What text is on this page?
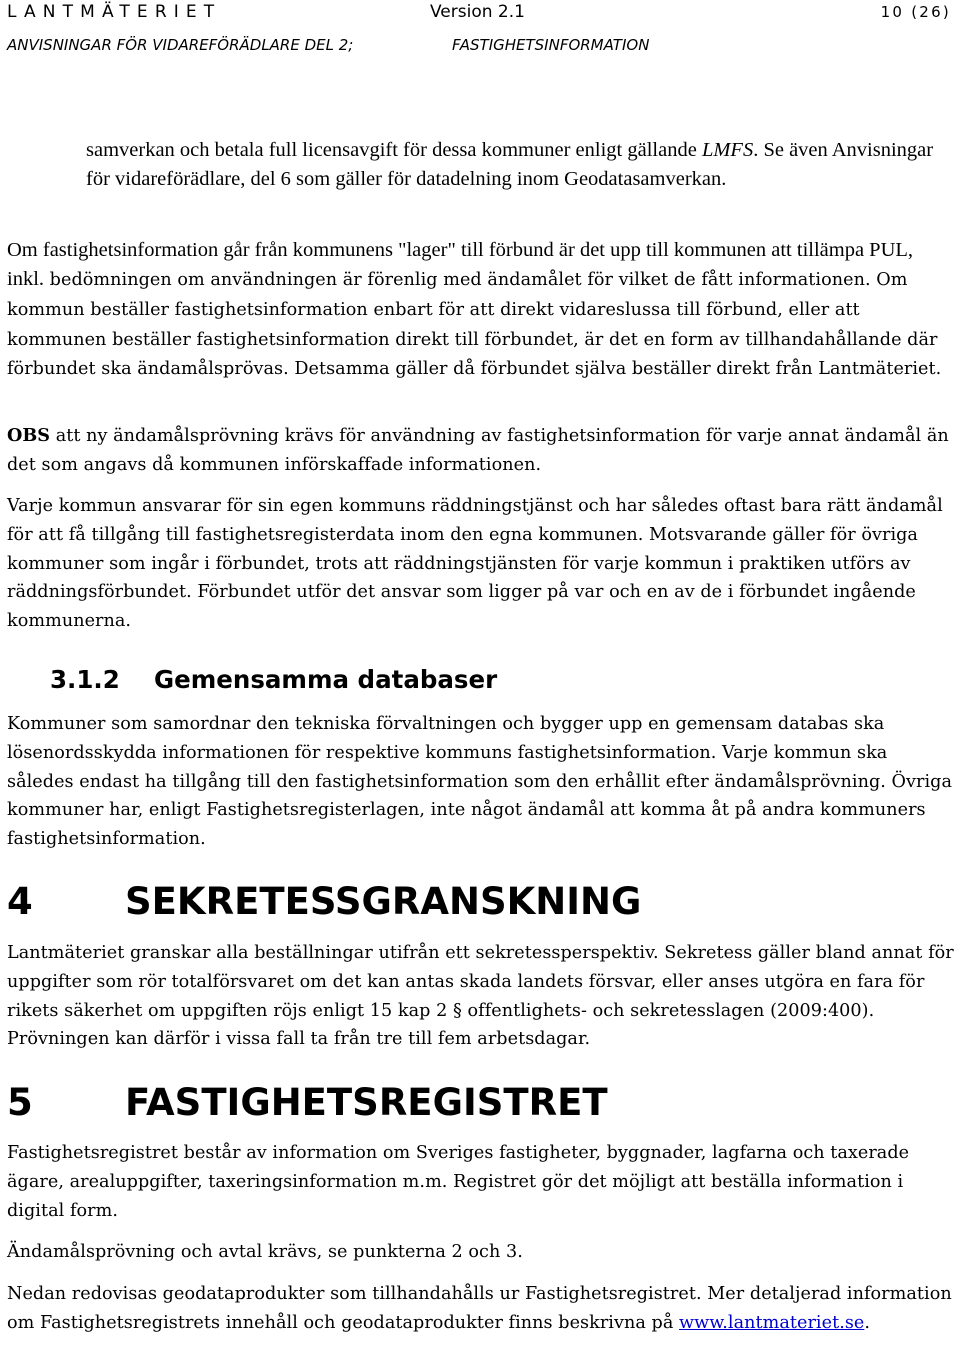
LANTMÄTERIET	Version 2.1	10 (26)
ANVISNINGAR FÖR VIDAREFÖRÄDLARE DEL 2;	FASTIGHETSINFORMATION

samverkan och betala full licensavgift för dessa kommuner enligt gällande LMFS. Se även Anvisningar för vidareförädlare, del 6 som gäller för datadelning inom Geodatasamverkan.

Om fastighetsinformation går från kommunens "lager" till förbund är det upp till kommunen att tillämpa PUL, inkl. bedömningen om användningen är förenlig med ändamålet för vilket de fått informationen. Om kommun beställer fastighetsinformation enbart för att direkt vidareslussa till förbund, eller att kommunen beställer fastighetsinformation direkt till förbundet, är det en form av tillhandahållande där förbundet ska ändamålsprövas. Detsamma gäller då förbundet själva beställer direkt från Lantmäteriet.

OBS att ny ändamålsprövning krävs för användning av fastighetsinformation för varje annat ändamål än det som angavs då kommunen införskaffade informationen.

Varje kommun ansvarar för sin egen kommuns räddningstjänst och har således oftast bara rätt ändamål för att få tillgång till fastighetsregisterdata inom den egna kommunen. Motsvarande gäller för övriga kommuner som ingår i förbundet, trots att räddningstjänsten för varje kommun i praktiken utförs av räddningsförbundet. Förbundet utför det ansvar som ligger på var och en av de i förbundet ingående kommunerna.

3.1.2 Gemensamma databaser

Kommuner som samordnar den tekniska förvaltningen och bygger upp en gemensam databas ska lösenordsskydda informationen för respektive kommuns fastighetsinformation. Varje kommun ska således endast ha tillgång till den fastighetsinformation som den erhållit efter ändamålsprövning. Övriga kommuner har, enligt Fastighetsregisterlagen, inte något ändamål att komma åt på andra kommuners fastighetsinformation.

4 SEKRETESSGRANSKNING

Lantmäteriet granskar alla beställningar utifrån ett sekretessperspektiv. Sekretess gäller bland annat för uppgifter som rör totalförsvaret om det kan antas skada landets försvar, eller anses utgöra en fara för rikets säkerhet om uppgiften röjs enligt 15 kap 2 § offentlighets- och sekretesslagen (2009:400). Prövningen kan därför i vissa fall ta från tre till fem arbetsdagar.

5 FASTIGHETSREGISTRET

Fastighetsregistret består av information om Sveriges fastigheter, byggnader, lagfarna och taxerade ägare, arealuppgifter, taxeringsinformation m.m. Registret gör det möjligt att beställa information i digital form.

Ändamålsprövning och avtal krävs, se punkterna 2 och 3.

Nedan redovisas geodataprodukter som tillhandahålls ur Fastighetsregistret. Mer detaljerad information om Fastighetsregistrets innehåll och geodataprodukter finns beskrivna på www.lantmateriet.se.
